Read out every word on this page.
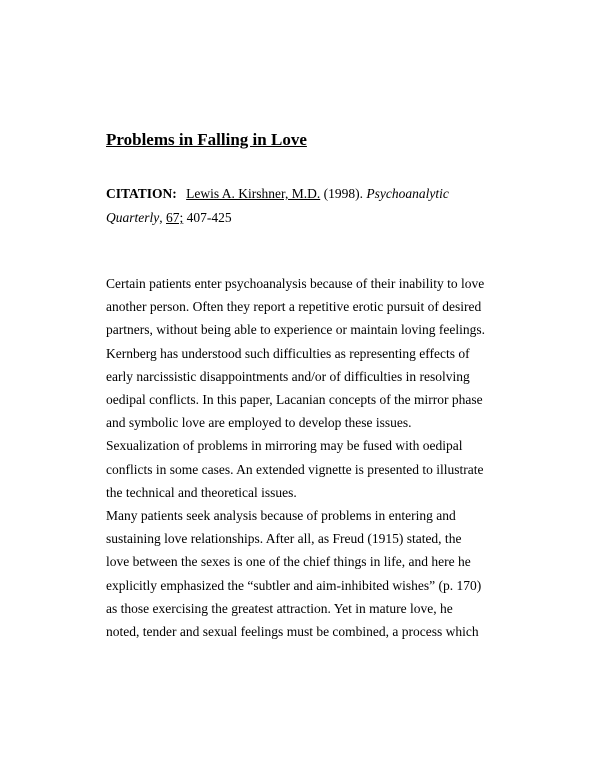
Problems in Falling in Love
CITATION: Lewis A. Kirshner, M.D. (1998). Psychoanalytic
Quarterly, 67; 407-425
Certain patients enter psychoanalysis because of their inability to love
another person. Often they report a repetitive erotic pursuit of desired
partners, without being able to experience or maintain loving feelings.
Kernberg has understood such difficulties as representing effects of
early narcissistic disappointments and/or of difficulties in resolving
oedipal conflicts. In this paper, Lacanian concepts of the mirror phase
and symbolic love are employed to develop these issues.
Sexualization of problems in mirroring may be fused with oedipal
conflicts in some cases. An extended vignette is presented to illustrate
the technical and theoretical issues.
Many patients seek analysis because of problems in entering and
sustaining love relationships. After all, as Freud (1915) stated, the
love between the sexes is one of the chief things in life, and here he
explicitly emphasized the “subtler and aim-inhibited wishes” (p. 170)
as those exercising the greatest attraction. Yet in mature love, he
noted, tender and sexual feelings must be combined, a process which
